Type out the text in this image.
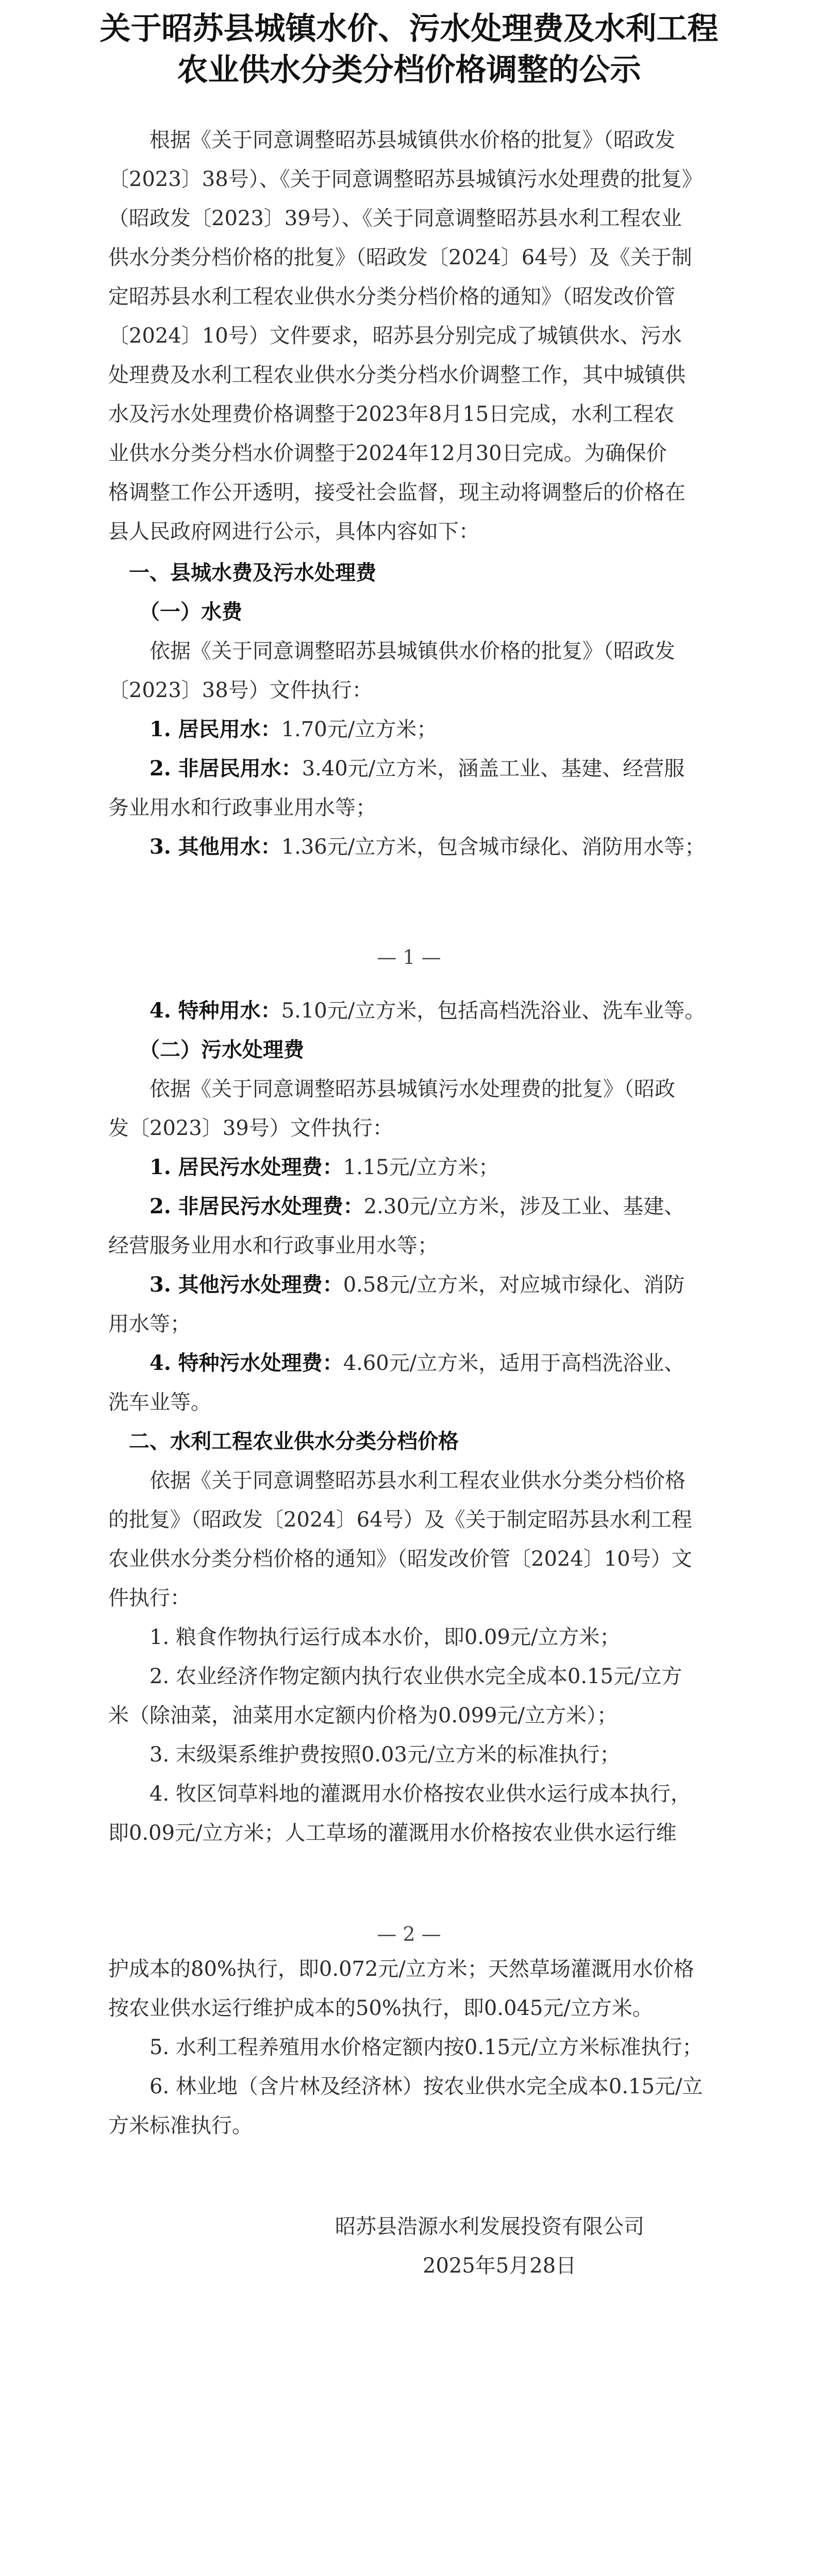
关于昭苏县城镇水价、污水处理费及水利工程
农业供水分类分档价格调整的公示
根据《关于同意调整昭苏县城镇供水价格的批复》（昭政发
〔2023〕38号）、《关于同意调整昭苏县城镇污水处理费的批复》
（昭政发〔2023〕39号）、《关于同意调整昭苏县水利工程农业
供水分类分档价格的批复》（昭政发〔2024〕64号）及《关于制
定昭苏县水利工程农业供水分类分档价格的通知》（昭发改价管
〔2024〕10号）文件要求，昭苏县分别完成了城镇供水、污水
处理费及水利工程农业供水分类分档水价调整工作，其中城镇供
水及污水处理费价格调整于2023年8月15日完成，水利工程农
业供水分类分档水价调整于2024年12月30日完成。为确保价
格调整工作公开透明，接受社会监督，现主动将调整后的价格在
县人民政府网进行公示，具体内容如下：
一、县城水费及污水处理费
（一）水费
依据《关于同意调整昭苏县城镇供水价格的批复》（昭政发
〔2023〕38号）文件执行：
1. 居民用水：1.70元/立方米；
2. 非居民用水：3.40元/立方米，涵盖工业、基建、经营服
务业用水和行政事业用水等；
3. 其他用水：1.36元/立方米，包含城市绿化、消防用水等；
— 1 —
4. 特种用水：5.10元/立方米，包括高档洗浴业、洗车业等。
（二）污水处理费
依据《关于同意调整昭苏县城镇污水处理费的批复》（昭政
发〔2023〕39号）文件执行：
1. 居民污水处理费：1.15元/立方米；
2. 非居民污水处理费：2.30元/立方米，涉及工业、基建、
经营服务业用水和行政事业用水等；
3. 其他污水处理费：0.58元/立方米，对应城市绿化、消防
用水等；
4. 特种污水处理费：4.60元/立方米，适用于高档洗浴业、
洗车业等。
二、水利工程农业供水分类分档价格
依据《关于同意调整昭苏县水利工程农业供水分类分档价格
的批复》（昭政发〔2024〕64号）及《关于制定昭苏县水利工程
农业供水分类分档价格的通知》（昭发改价管〔2024〕10号）文
件执行：
1. 粮食作物执行运行成本水价，即0.09元/立方米；
2. 农业经济作物定额内执行农业供水完全成本0.15元/立方
米（除油菜，油菜用水定额内价格为0.099元/立方米）；
3. 末级渠系维护费按照0.03元/立方米的标准执行；
4. 牧区饲草料地的灌溉用水价格按农业供水运行成本执行，
即0.09元/立方米；人工草场的灌溉用水价格按农业供水运行维
— 2 —
护成本的80%执行，即0.072元/立方米；天然草场灌溉用水价格
按农业供水运行维护成本的50%执行，即0.045元/立方米。
5. 水利工程养殖用水价格定额内按0.15元/立方米标准执行；
6. 林业地（含片林及经济林）按农业供水完全成本0.15元/立
方米标准执行。
昭苏县浩源水利发展投资有限公司
2025年5月28日
